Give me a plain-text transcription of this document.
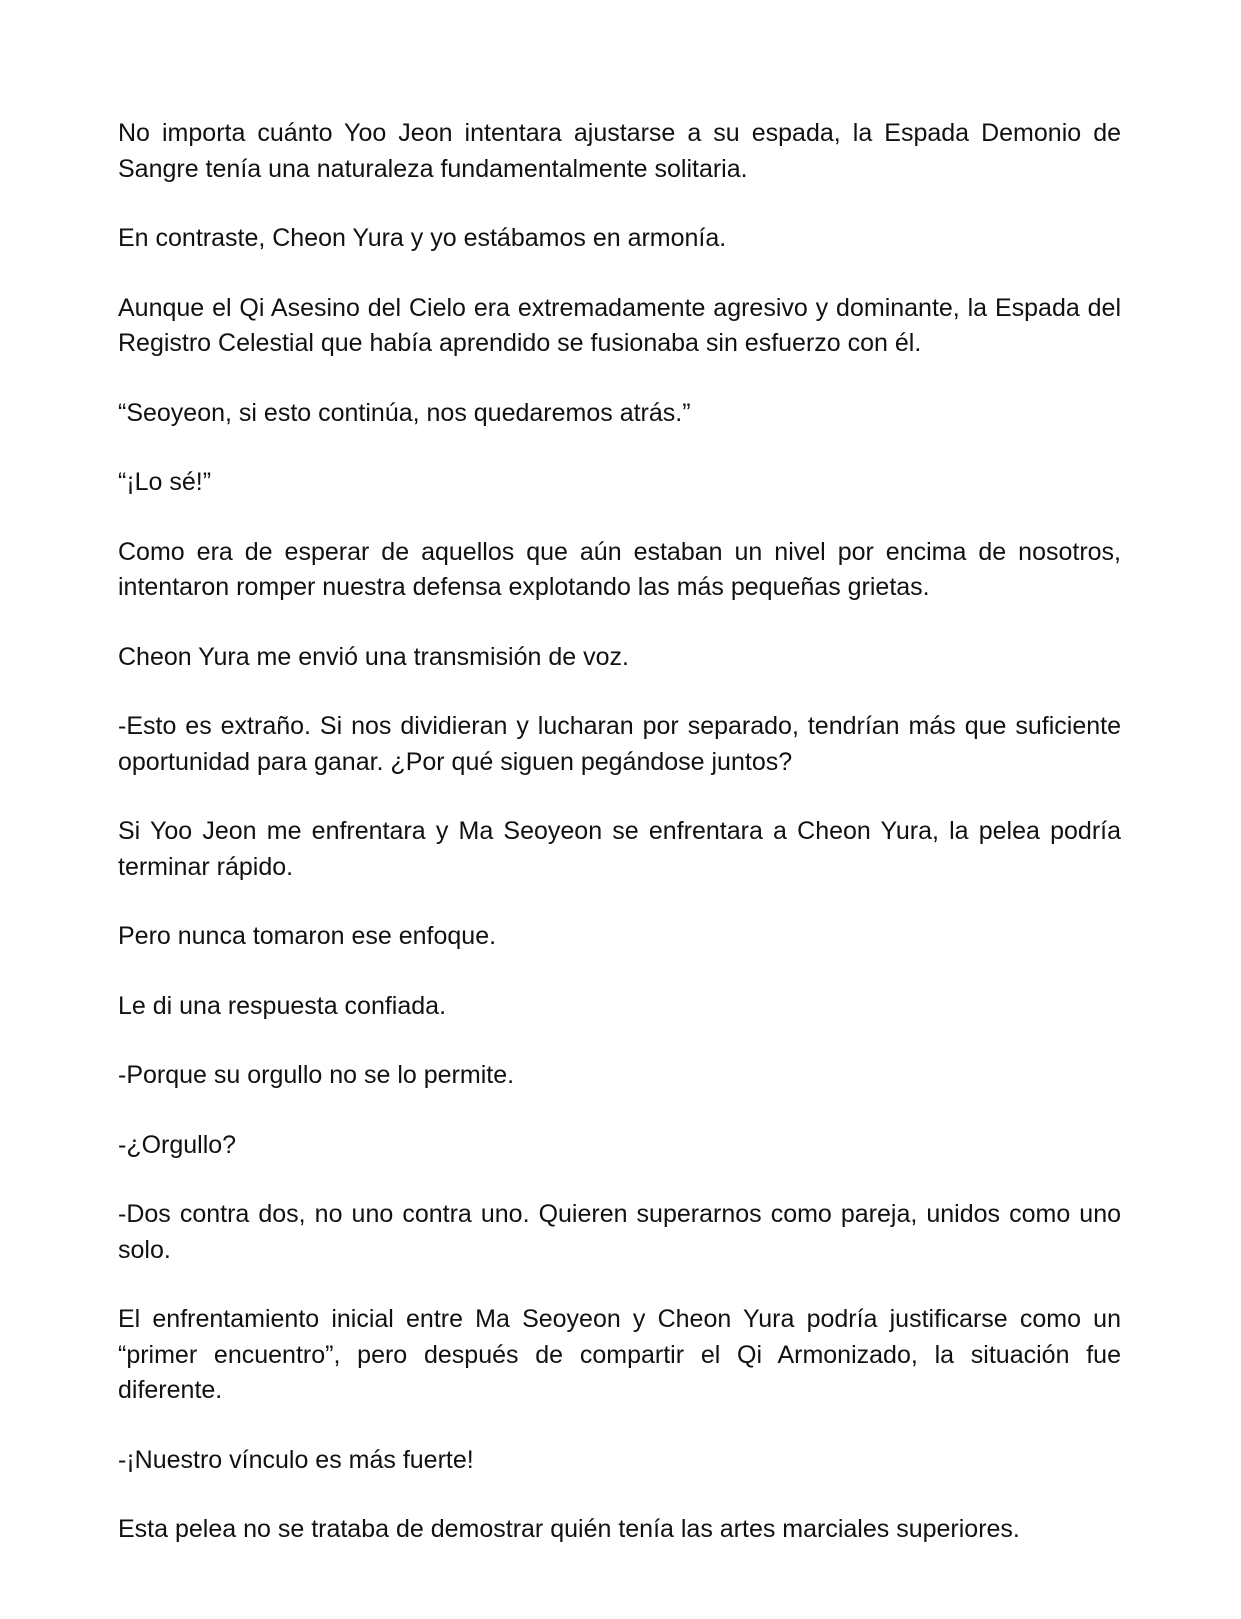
No importa cuánto Yoo Jeon intentara ajustarse a su espada, la Espada Demonio de Sangre tenía una naturaleza fundamentalmente solitaria.

En contraste, Cheon Yura y yo estábamos en armonía.

Aunque el Qi Asesino del Cielo era extremadamente agresivo y dominante, la Espada del Registro Celestial que había aprendido se fusionaba sin esfuerzo con él.

“Seoyeon, si esto continúa, nos quedaremos atrás.”

“¡Lo sé!”

Como era de esperar de aquellos que aún estaban un nivel por encima de nosotros, intentaron romper nuestra defensa explotando las más pequeñas grietas.

Cheon Yura me envió una transmisión de voz.

-Esto es extraño. Si nos dividieran y lucharan por separado, tendrían más que suficiente oportunidad para ganar. ¿Por qué siguen pegándose juntos?

Si Yoo Jeon me enfrentara y Ma Seoyeon se enfrentara a Cheon Yura, la pelea podría terminar rápido.

Pero nunca tomaron ese enfoque.

Le di una respuesta confiada.

-Porque su orgullo no se lo permite.

-¿Orgullo?

-Dos contra dos, no uno contra uno. Quieren superarnos como pareja, unidos como uno solo.

El enfrentamiento inicial entre Ma Seoyeon y Cheon Yura podría justificarse como un “primer encuentro”, pero después de compartir el Qi Armonizado, la situación fue diferente.

-¡Nuestro vínculo es más fuerte!

Esta pelea no se trataba de demostrar quién tenía las artes marciales superiores.
